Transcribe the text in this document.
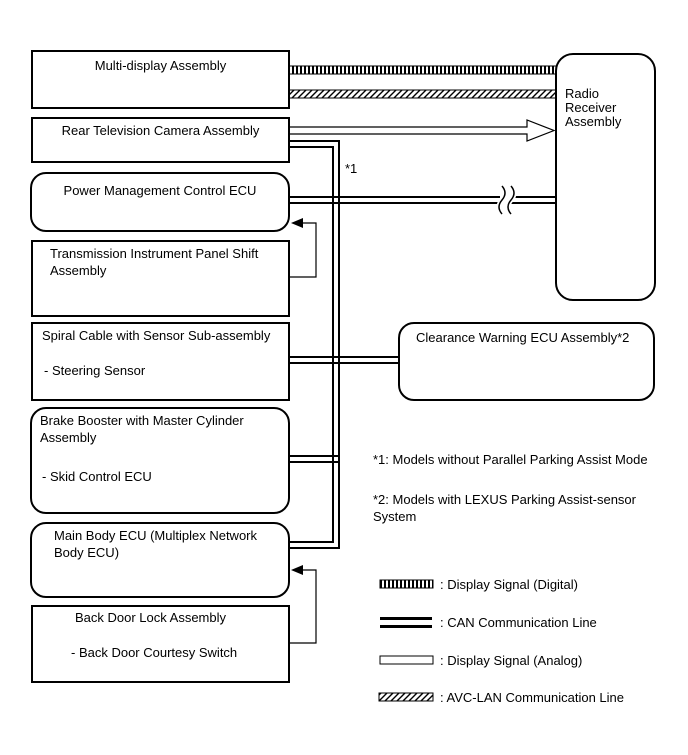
Multi-display Assembly
Rear Television Camera Assembly
Power Management Control ECU
Transmission Instrument Panel Shift Assembly
Spiral Cable with Sensor Sub-assembly
- Steering Sensor
Brake Booster with Master Cylinder Assembly
- Skid Control ECU
Main Body ECU (Multiplex Network Body ECU)
Back Door Lock Assembly
- Back Door Courtesy Switch
Radio Receiver Assembly
Clearance Warning ECU Assembly*2
*1
*1: Models without Parallel Parking Assist Mode
*2: Models with LEXUS Parking Assist-sensor System
: Display Signal (Digital)
: CAN Communication Line
: Display Signal (Analog)
: AVC-LAN Communication Line
